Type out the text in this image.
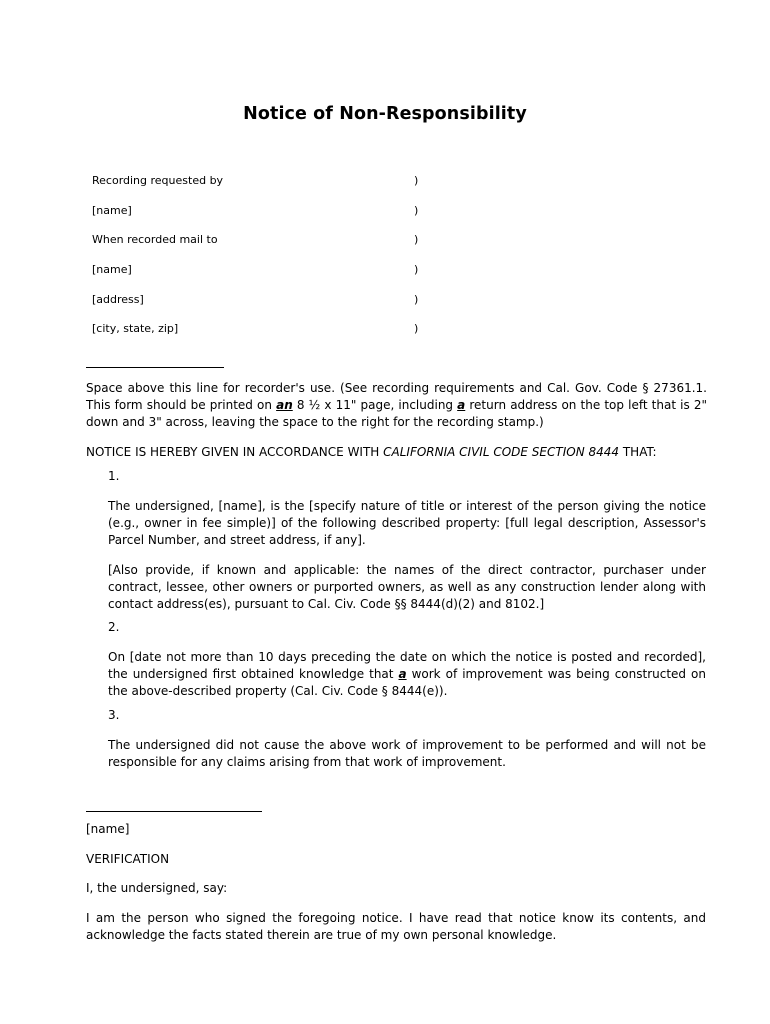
Notice of Non-Responsibility
Recording requested by	)
[name]	)
When recorded mail to	)
[name]	)
[address]	)
[city, state, zip]	)
Space above this line for recorder's use. (See recording requirements and Cal. Gov. Code § 27361.1. This form should be printed on an 8 ½ x 11" page, including a return address on the top left that is 2" down and 3" across, leaving the space to the right for the recording stamp.)
NOTICE IS HEREBY GIVEN IN ACCORDANCE WITH CALIFORNIA CIVIL CODE SECTION 8444 THAT:
1.
The undersigned, [name], is the [specify nature of title or interest of the person giving the notice (e.g., owner in fee simple)] of the following described property: [full legal description, Assessor's Parcel Number, and street address, if any].
[Also provide, if known and applicable: the names of the direct contractor, purchaser under contract, lessee, other owners or purported owners, as well as any construction lender along with contact address(es), pursuant to Cal. Civ. Code §§ 8444(d)(2) and 8102.]
2.
On [date not more than 10 days preceding the date on which the notice is posted and recorded], the undersigned first obtained knowledge that a work of improvement was being constructed on the above-described property (Cal. Civ. Code § 8444(e)).
3.
The undersigned did not cause the above work of improvement to be performed and will not be responsible for any claims arising from that work of improvement.
[name]
VERIFICATION
I, the undersigned, say:
I am the person who signed the foregoing notice. I have read that notice know its contents, and acknowledge the facts stated therein are true of my own personal knowledge.
